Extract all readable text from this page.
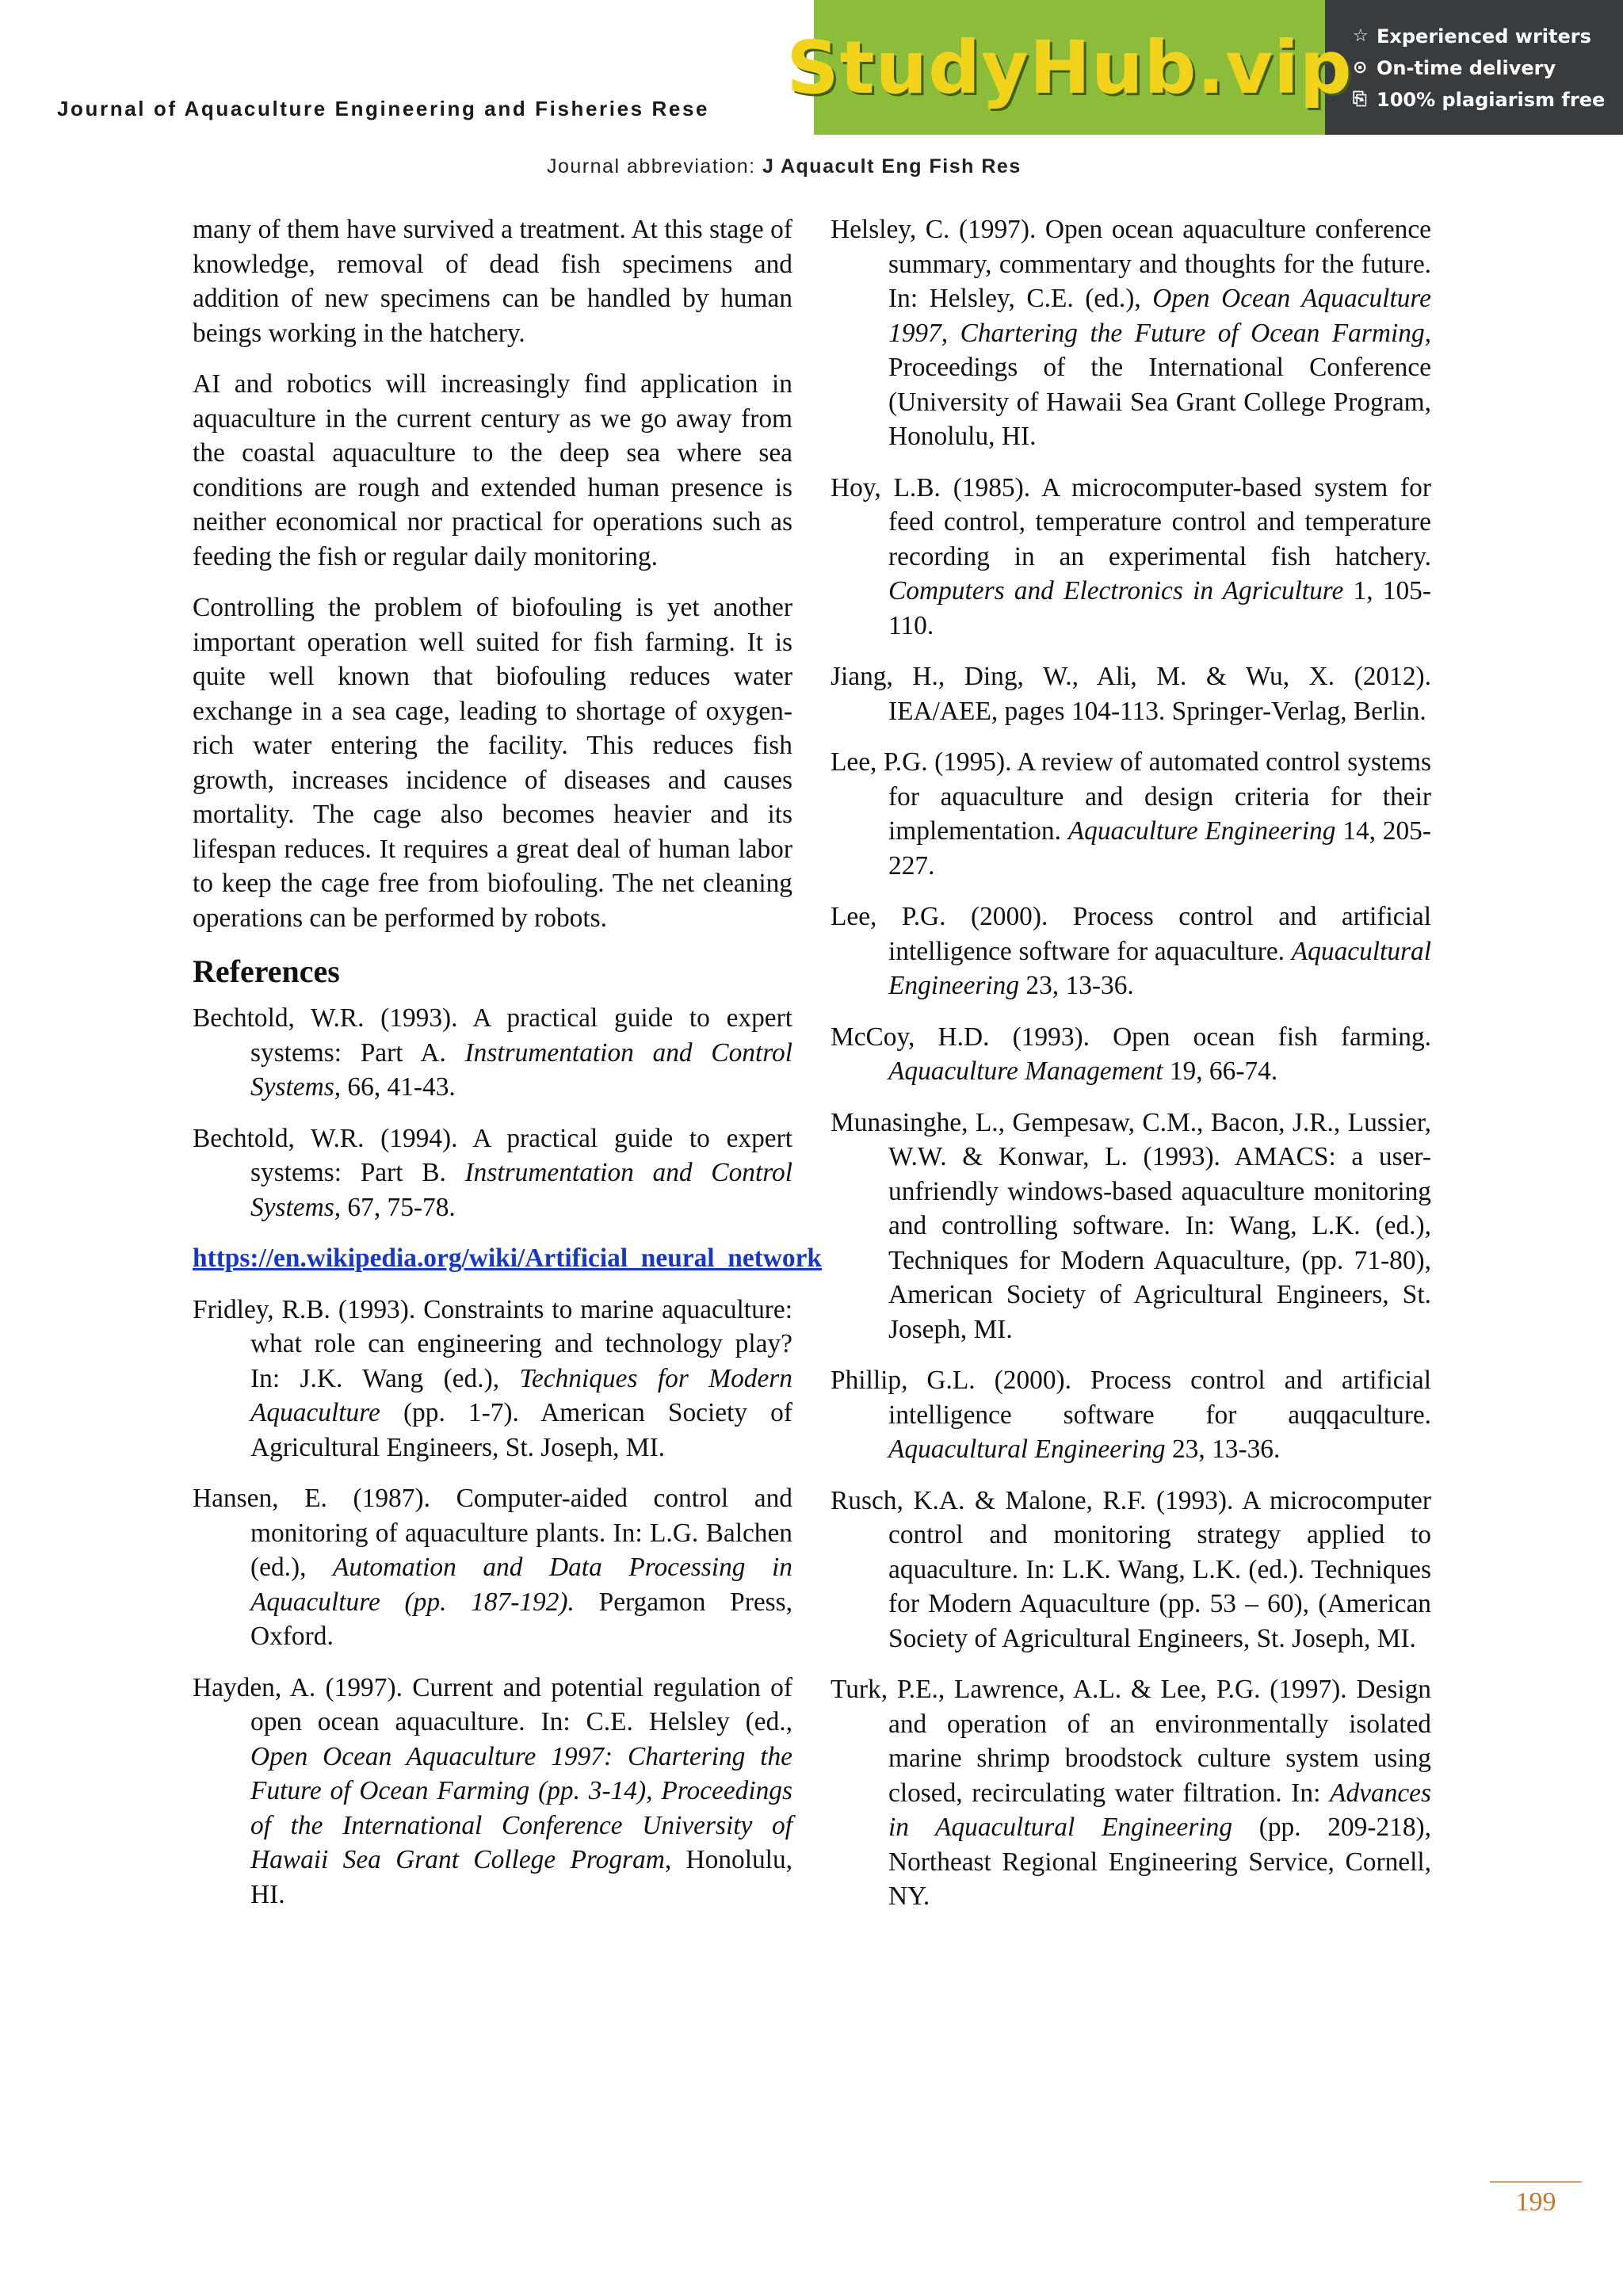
Journal of Aquaculture Engineering and Fisheries Rese
Journal abbreviation: J Aquacult Eng Fish Res
StudyHub.vip ☆ Experienced writers
⊙ On-time delivery
⎘ 100% plagiarism free

many of them have survived a treatment. At this stage of knowledge, removal of dead fish specimens and addition of new specimens can be handled by human beings working in the hatchery.

AI and robotics will increasingly find application in aquaculture in the current century as we go away from the coastal aquaculture to the deep sea where sea conditions are rough and extended human presence is neither economical nor practical for operations such as feeding the fish or regular daily monitoring.

Controlling the problem of biofouling is yet another important operation well suited for fish farming. It is quite well known that biofouling reduces water exchange in a sea cage, leading to shortage of oxygen-rich water entering the facility. This reduces fish growth, increases incidence of diseases and causes mortality. The cage also becomes heavier and its lifespan reduces. It requires a great deal of human labor to keep the cage free from biofouling. The net cleaning operations can be performed by robots.

References
Bechtold, W.R. (1993). A practical guide to expert systems: Part A. Instrumentation and Control Systems, 66, 41-43.
Bechtold, W.R. (1994). A practical guide to expert systems: Part B. Instrumentation and Control Systems, 67, 75-78.
https://en.wikipedia.org/wiki/Artificial_neural_network
Fridley, R.B. (1993). Constraints to marine aquaculture: what role can engineering and technology play? In: J.K. Wang (ed.), Techniques for Modern Aquaculture (pp. 1-7). American Society of Agricultural Engineers, St. Joseph, MI.
Hansen, E. (1987). Computer-aided control and monitoring of aquaculture plants. In: L.G. Balchen (ed.), Automation and Data Processing in Aquaculture (pp. 187-192). Pergamon Press, Oxford.
Hayden, A. (1997). Current and potential regulation of open ocean aquaculture. In: C.E. Helsley (ed., Open Ocean Aquaculture 1997: Chartering the Future of Ocean Farming (pp. 3-14), Proceedings of the International Conference University of Hawaii Sea Grant College Program, Honolulu, HI.
Helsley, C. (1997). Open ocean aquaculture conference summary, commentary and thoughts for the future. In: Helsley, C.E. (ed.), Open Ocean Aquaculture 1997, Chartering the Future of Ocean Farming, Proceedings of the International Conference (University of Hawaii Sea Grant College Program, Honolulu, HI.
Hoy, L.B. (1985). A microcomputer-based system for feed control, temperature control and temperature recording in an experimental fish hatchery. Computers and Electronics in Agriculture 1, 105-110.
Jiang, H., Ding, W., Ali, M. & Wu, X. (2012). IEA/AEE, pages 104-113. Springer-Verlag, Berlin.
Lee, P.G. (1995). A review of automated control systems for aquaculture and design criteria for their implementation. Aquaculture Engineering 14, 205-227.
Lee, P.G. (2000). Process control and artificial intelligence software for aquaculture. Aquacultural Engineering 23, 13-36.
McCoy, H.D. (1993). Open ocean fish farming. Aquaculture Management 19, 66-74.
Munasinghe, L., Gempesaw, C.M., Bacon, J.R., Lussier, W.W. & Konwar, L. (1993). AMACS: a user-unfriendly windows-based aquaculture monitoring and controlling software. In: Wang, L.K. (ed.), Techniques for Modern Aquaculture, (pp. 71-80), American Society of Agricultural Engineers, St. Joseph, MI.
Phillip, G.L. (2000). Process control and artificial intelligence software for auqqaculture. Aquacultural Engineering 23, 13-36.
Rusch, K.A. & Malone, R.F. (1993). A microcomputer control and monitoring strategy applied to aquaculture. In: L.K. Wang, L.K. (ed.). Techniques for Modern Aquaculture (pp. 53 – 60), (American Society of Agricultural Engineers, St. Joseph, MI.
Turk, P.E., Lawrence, A.L. & Lee, P.G. (1997). Design and operation of an environmentally isolated marine shrimp broodstock culture system using closed, recirculating water filtration. In: Advances in Aquacultural Engineering (pp. 209-218), Northeast Regional Engineering Service, Cornell, NY.
199
